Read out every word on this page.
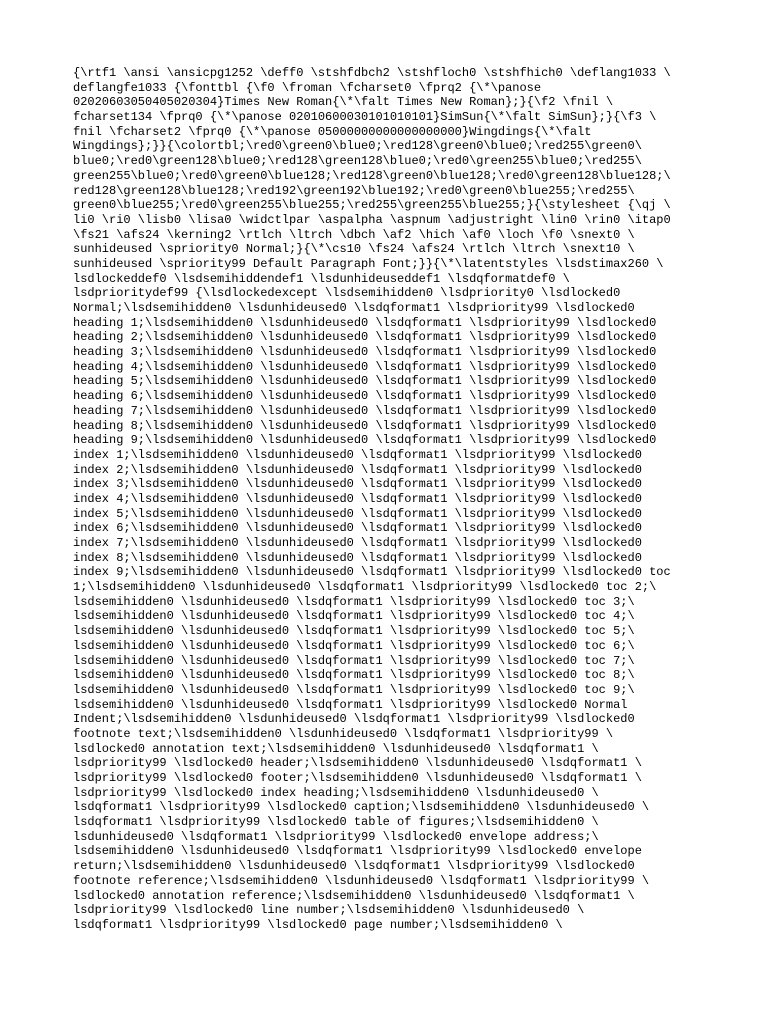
{\rtf1 \ansi \ansicpg1252 \deff0 \stshfdbch2 \stshfloch0 \stshfhich0 \deflang1033 \
deflangfe1033 {\fonttbl {\f0 \froman \fcharset0 \fprq2 {\*\panose
02020603050405020304}Times New Roman{\*\falt Times New Roman};}{\f2 \fnil \
fcharset134 \fprq0 {\*\panose 02010600030101010101}SimSun{\*\falt SimSun};}{\f3 \
fnil \fcharset2 \fprq0 {\*\panose 05000000000000000000}Wingdings{\*\falt
Wingdings};}}{\colortbl;\red0\green0\blue0;\red128\green0\blue0;\red255\green0\
blue0;\red0\green128\blue0;\red128\green128\blue0;\red0\green255\blue0;\red255\
green255\blue0;\red0\green0\blue128;\red128\green0\blue128;\red0\green128\blue128;\
red128\green128\blue128;\red192\green192\blue192;\red0\green0\blue255;\red255\
green0\blue255;\red0\green255\blue255;\red255\green255\blue255;}{\stylesheet {\qj \
li0 \ri0 \lisb0 \lisa0 \widctlpar \aspalpha \aspnum \adjustright \lin0 \rin0 \itap0
\fs21 \afs24 \kerning2 \rtlch \ltrch \dbch \af2 \hich \af0 \loch \f0 \snext0 \
sunhideused \spriority0 Normal;}{\*\cs10 \fs24 \afs24 \rtlch \ltrch \snext10 \
sunhideused \spriority99 Default Paragraph Font;}}{\*\latentstyles \lsdstimax260 \
lsdlockeddef0 \lsdsemihiddendef1 \lsdunhideuseddef1 \lsdqformatdef0 \
lsdprioritydef99 {\lsdlockedexcept \lsdsemihidden0 \lsdpriority0 \lsdlocked0
Normal;\lsdsemihidden0 \lsdunhideused0 \lsdqformat1 \lsdpriority99 \lsdlocked0
heading 1;\lsdsemihidden0 \lsdunhideused0 \lsdqformat1 \lsdpriority99 \lsdlocked0
heading 2;\lsdsemihidden0 \lsdunhideused0 \lsdqformat1 \lsdpriority99 \lsdlocked0
heading 3;\lsdsemihidden0 \lsdunhideused0 \lsdqformat1 \lsdpriority99 \lsdlocked0
heading 4;\lsdsemihidden0 \lsdunhideused0 \lsdqformat1 \lsdpriority99 \lsdlocked0
heading 5;\lsdsemihidden0 \lsdunhideused0 \lsdqformat1 \lsdpriority99 \lsdlocked0
heading 6;\lsdsemihidden0 \lsdunhideused0 \lsdqformat1 \lsdpriority99 \lsdlocked0
heading 7;\lsdsemihidden0 \lsdunhideused0 \lsdqformat1 \lsdpriority99 \lsdlocked0
heading 8;\lsdsemihidden0 \lsdunhideused0 \lsdqformat1 \lsdpriority99 \lsdlocked0
heading 9;\lsdsemihidden0 \lsdunhideused0 \lsdqformat1 \lsdpriority99 \lsdlocked0
index 1;\lsdsemihidden0 \lsdunhideused0 \lsdqformat1 \lsdpriority99 \lsdlocked0
index 2;\lsdsemihidden0 \lsdunhideused0 \lsdqformat1 \lsdpriority99 \lsdlocked0
index 3;\lsdsemihidden0 \lsdunhideused0 \lsdqformat1 \lsdpriority99 \lsdlocked0
index 4;\lsdsemihidden0 \lsdunhideused0 \lsdqformat1 \lsdpriority99 \lsdlocked0
index 5;\lsdsemihidden0 \lsdunhideused0 \lsdqformat1 \lsdpriority99 \lsdlocked0
index 6;\lsdsemihidden0 \lsdunhideused0 \lsdqformat1 \lsdpriority99 \lsdlocked0
index 7;\lsdsemihidden0 \lsdunhideused0 \lsdqformat1 \lsdpriority99 \lsdlocked0
index 8;\lsdsemihidden0 \lsdunhideused0 \lsdqformat1 \lsdpriority99 \lsdlocked0
index 9;\lsdsemihidden0 \lsdunhideused0 \lsdqformat1 \lsdpriority99 \lsdlocked0 toc
1;\lsdsemihidden0 \lsdunhideused0 \lsdqformat1 \lsdpriority99 \lsdlocked0 toc 2;\
lsdsemihidden0 \lsdunhideused0 \lsdqformat1 \lsdpriority99 \lsdlocked0 toc 3;\
lsdsemihidden0 \lsdunhideused0 \lsdqformat1 \lsdpriority99 \lsdlocked0 toc 4;\
lsdsemihidden0 \lsdunhideused0 \lsdqformat1 \lsdpriority99 \lsdlocked0 toc 5;\
lsdsemihidden0 \lsdunhideused0 \lsdqformat1 \lsdpriority99 \lsdlocked0 toc 6;\
lsdsemihidden0 \lsdunhideused0 \lsdqformat1 \lsdpriority99 \lsdlocked0 toc 7;\
lsdsemihidden0 \lsdunhideused0 \lsdqformat1 \lsdpriority99 \lsdlocked0 toc 8;\
lsdsemihidden0 \lsdunhideused0 \lsdqformat1 \lsdpriority99 \lsdlocked0 toc 9;\
lsdsemihidden0 \lsdunhideused0 \lsdqformat1 \lsdpriority99 \lsdlocked0 Normal
Indent;\lsdsemihidden0 \lsdunhideused0 \lsdqformat1 \lsdpriority99 \lsdlocked0
footnote text;\lsdsemihidden0 \lsdunhideused0 \lsdqformat1 \lsdpriority99 \
lsdlocked0 annotation text;\lsdsemihidden0 \lsdunhideused0 \lsdqformat1 \
lsdpriority99 \lsdlocked0 header;\lsdsemihidden0 \lsdunhideused0 \lsdqformat1 \
lsdpriority99 \lsdlocked0 footer;\lsdsemihidden0 \lsdunhideused0 \lsdqformat1 \
lsdpriority99 \lsdlocked0 index heading;\lsdsemihidden0 \lsdunhideused0 \
lsdqformat1 \lsdpriority99 \lsdlocked0 caption;\lsdsemihidden0 \lsdunhideused0 \
lsdqformat1 \lsdpriority99 \lsdlocked0 table of figures;\lsdsemihidden0 \
lsdunhideused0 \lsdqformat1 \lsdpriority99 \lsdlocked0 envelope address;\
lsdsemihidden0 \lsdunhideused0 \lsdqformat1 \lsdpriority99 \lsdlocked0 envelope
return;\lsdsemihidden0 \lsdunhideused0 \lsdqformat1 \lsdpriority99 \lsdlocked0
footnote reference;\lsdsemihidden0 \lsdunhideused0 \lsdqformat1 \lsdpriority99 \
lsdlocked0 annotation reference;\lsdsemihidden0 \lsdunhideused0 \lsdqformat1 \
lsdpriority99 \lsdlocked0 line number;\lsdsemihidden0 \lsdunhideused0 \
lsdqformat1 \lsdpriority99 \lsdlocked0 page number;\lsdsemihidden0 \
